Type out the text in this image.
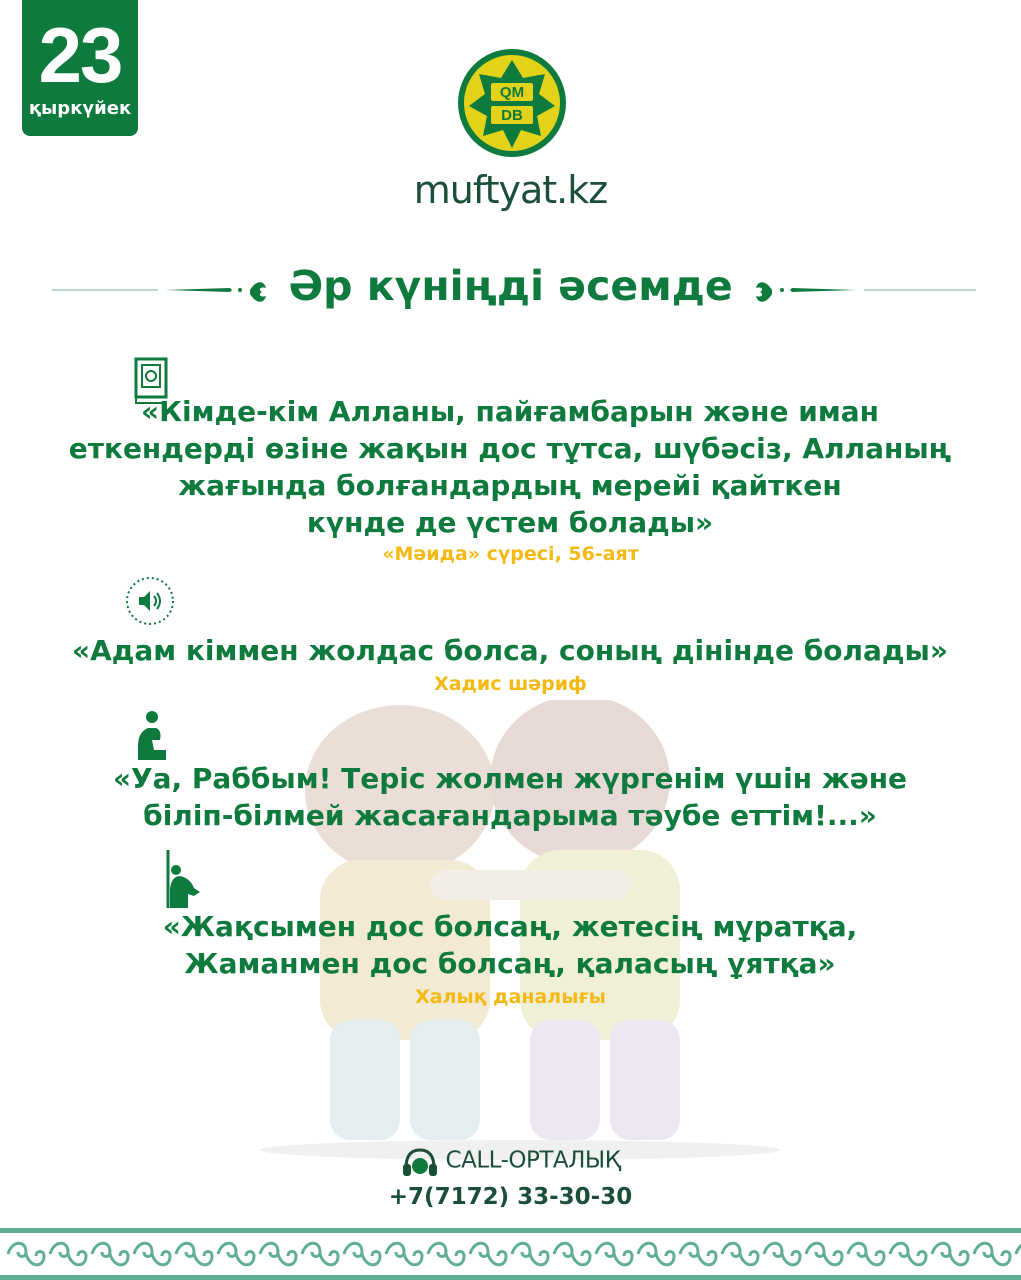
23
қыркүйек
QM
DB
muftyat.kz
Әр күніңді әсемде
«Кімде-кім Алланы, пайғамбарын және иман
еткендерді өзіне жақын дос тұтса, шүбәсіз, Алланың
жағында болғандардың мерейі қайткен
күнде де үстем болады»
«Мәида» сүресі, 56-аят
«Адам кіммен жолдас болса, соның дінінде болады»
Хадис шәриф
«Уа, Раббым! Теріс жолмен жүргенім үшін және
біліп-білмей жасағандарыма тәубе еттім!...»
«Жақсымен дос болсаң, жетесің мұратқа,
Жаманмен дос болсаң, қаласың ұятқа»
Халық даналығы
CALL-ОРТАЛЫҚ
+7(7172) 33-30-30
